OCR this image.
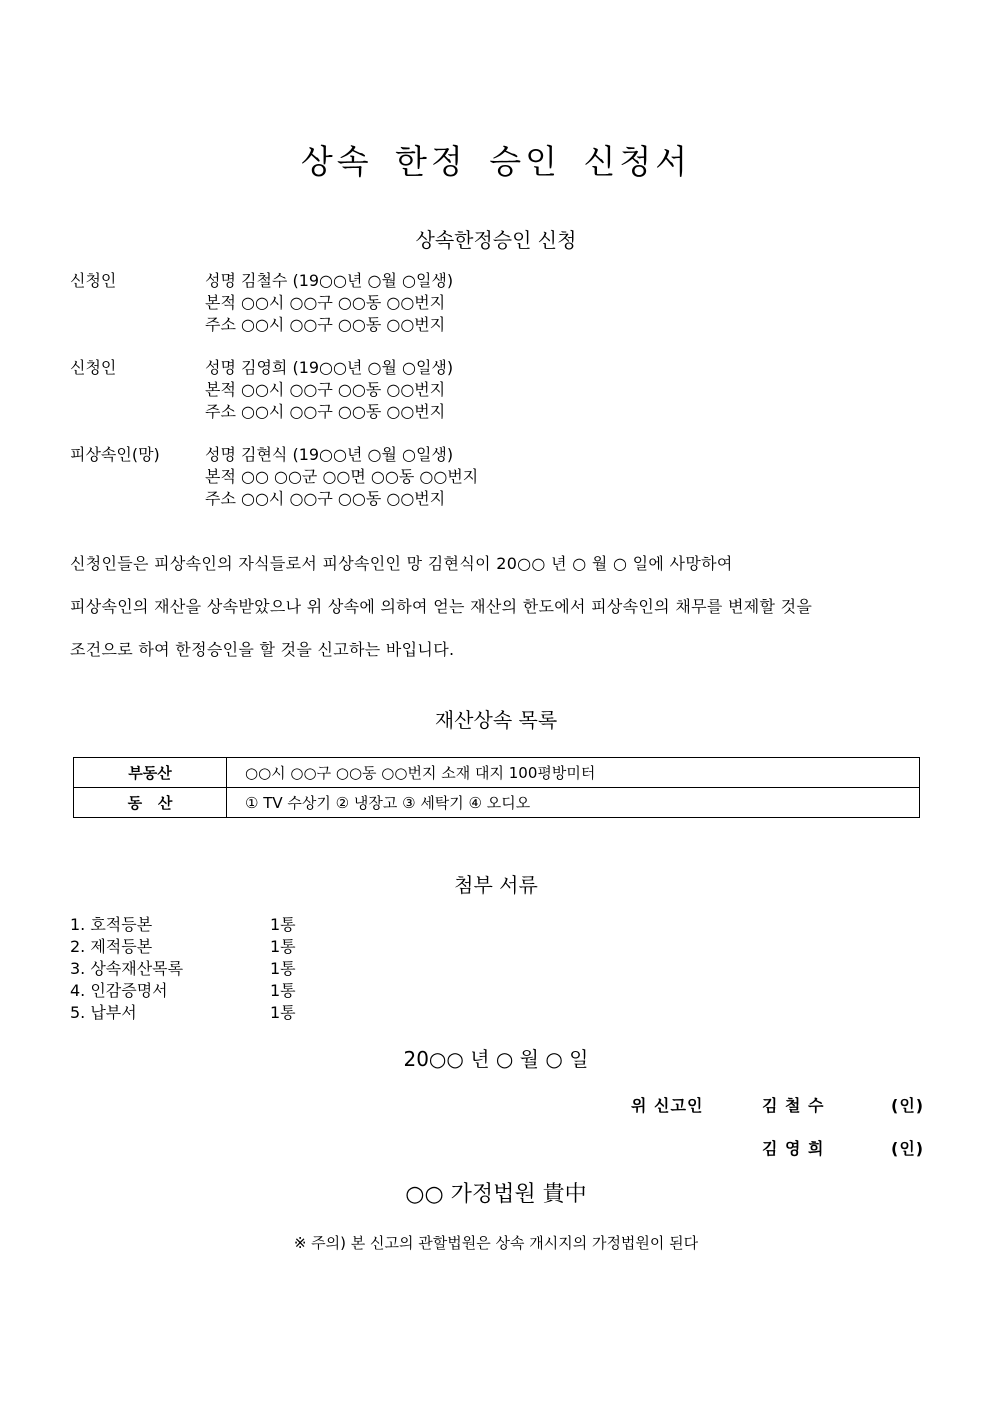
상속 한정 승인 신청서
상속한정승인 신청
신청인	성명 김철수 (19○○년 ○월 ○일생)
본적 ○○시 ○○구 ○○동 ○○번지
주소 ○○시 ○○구 ○○동 ○○번지
신청인	성명 김영희 (19○○년 ○월 ○일생)
본적 ○○시 ○○구 ○○동 ○○번지
주소 ○○시 ○○구 ○○동 ○○번지
피상속인(망)	성명 김현식 (19○○년 ○월 ○일생)
본적 ○○ ○○군 ○○면 ○○동 ○○번지
주소 ○○시 ○○구 ○○동 ○○번지
신청인들은 피상속인의 자식들로서 피상속인인 망 김현식이 20○○ 년 ○ 월 ○ 일에 사망하여
피상속인의 재산을 상속받았으나 위 상속에 의하여 얻는 재산의 한도에서 피상속인의 채무를 변제할 것을
조건으로 하여 한정승인을 할 것을 신고하는 바입니다.
재산상속 목록
부동산	○○시 ○○구 ○○동 ○○번지 소재 대지 100평방미터
동   산	① TV 수상기 ② 냉장고 ③ 세탁기 ④ 오디오
첨부 서류
1. 호적등본	1통
2. 제적등본	1통
3. 상속재산목록	1통
4. 인감증명서	1통
5. 납부서	1통
20○○ 년 ○ 월 ○ 일
위 신고인	김 철 수	(인)
김 영 희	(인)
○○ 가정법원 貴中
※ 주의) 본 신고의 관할법원은 상속 개시지의 가정법원이 된다
